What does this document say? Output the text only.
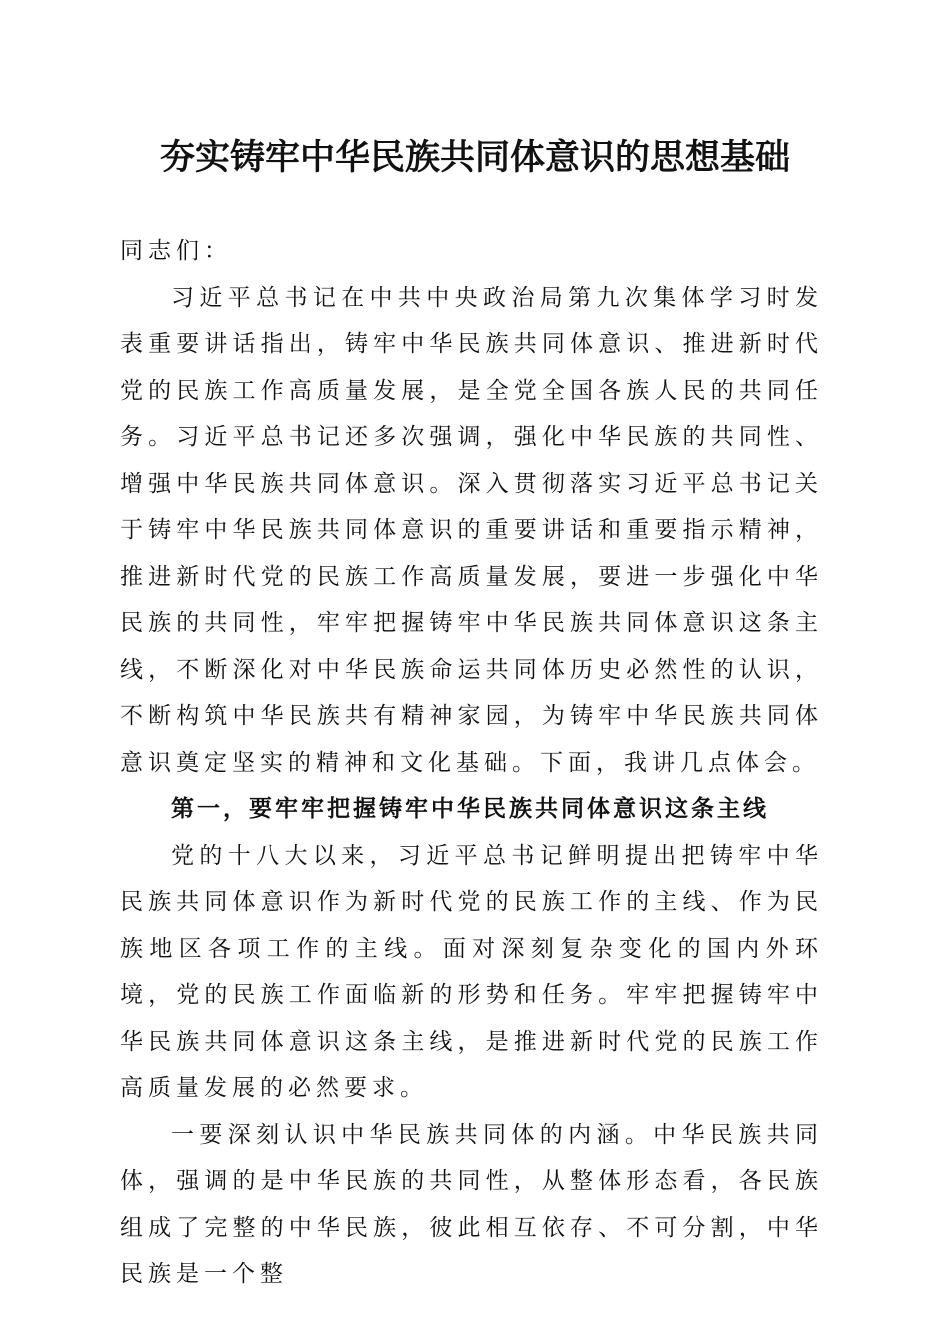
夯实铸牢中华民族共同体意识的思想基础

同志们：

习近平总书记在中共中央政治局第九次集体学习时发表重要讲话指出，铸牢中华民族共同体意识、推进新时代党的民族工作高质量发展，是全党全国各族人民的共同任务。习近平总书记还多次强调，强化中华民族的共同性、增强中华民族共同体意识。深入贯彻落实习近平总书记关于铸牢中华民族共同体意识的重要讲话和重要指示精神，推进新时代党的民族工作高质量发展，要进一步强化中华民族的共同性，牢牢把握铸牢中华民族共同体意识这条主线，不断深化对中华民族命运共同体历史必然性的认识，不断构筑中华民族共有精神家园，为铸牢中华民族共同体意识奠定坚实的精神和文化基础。下面，我讲几点体会。

第一，要牢牢把握铸牢中华民族共同体意识这条主线

党的十八大以来，习近平总书记鲜明提出把铸牢中华民族共同体意识作为新时代党的民族工作的主线、作为民族地区各项工作的主线。面对深刻复杂变化的国内外环境，党的民族工作面临新的形势和任务。牢牢把握铸牢中华民族共同体意识这条主线，是推进新时代党的民族工作高质量发展的必然要求。

一要深刻认识中华民族共同体的内涵。中华民族共同体，强调的是中华民族的共同性，从整体形态看，各民族组成了完整的中华民族，彼此相互依存、不可分割，中华民族是一个整
